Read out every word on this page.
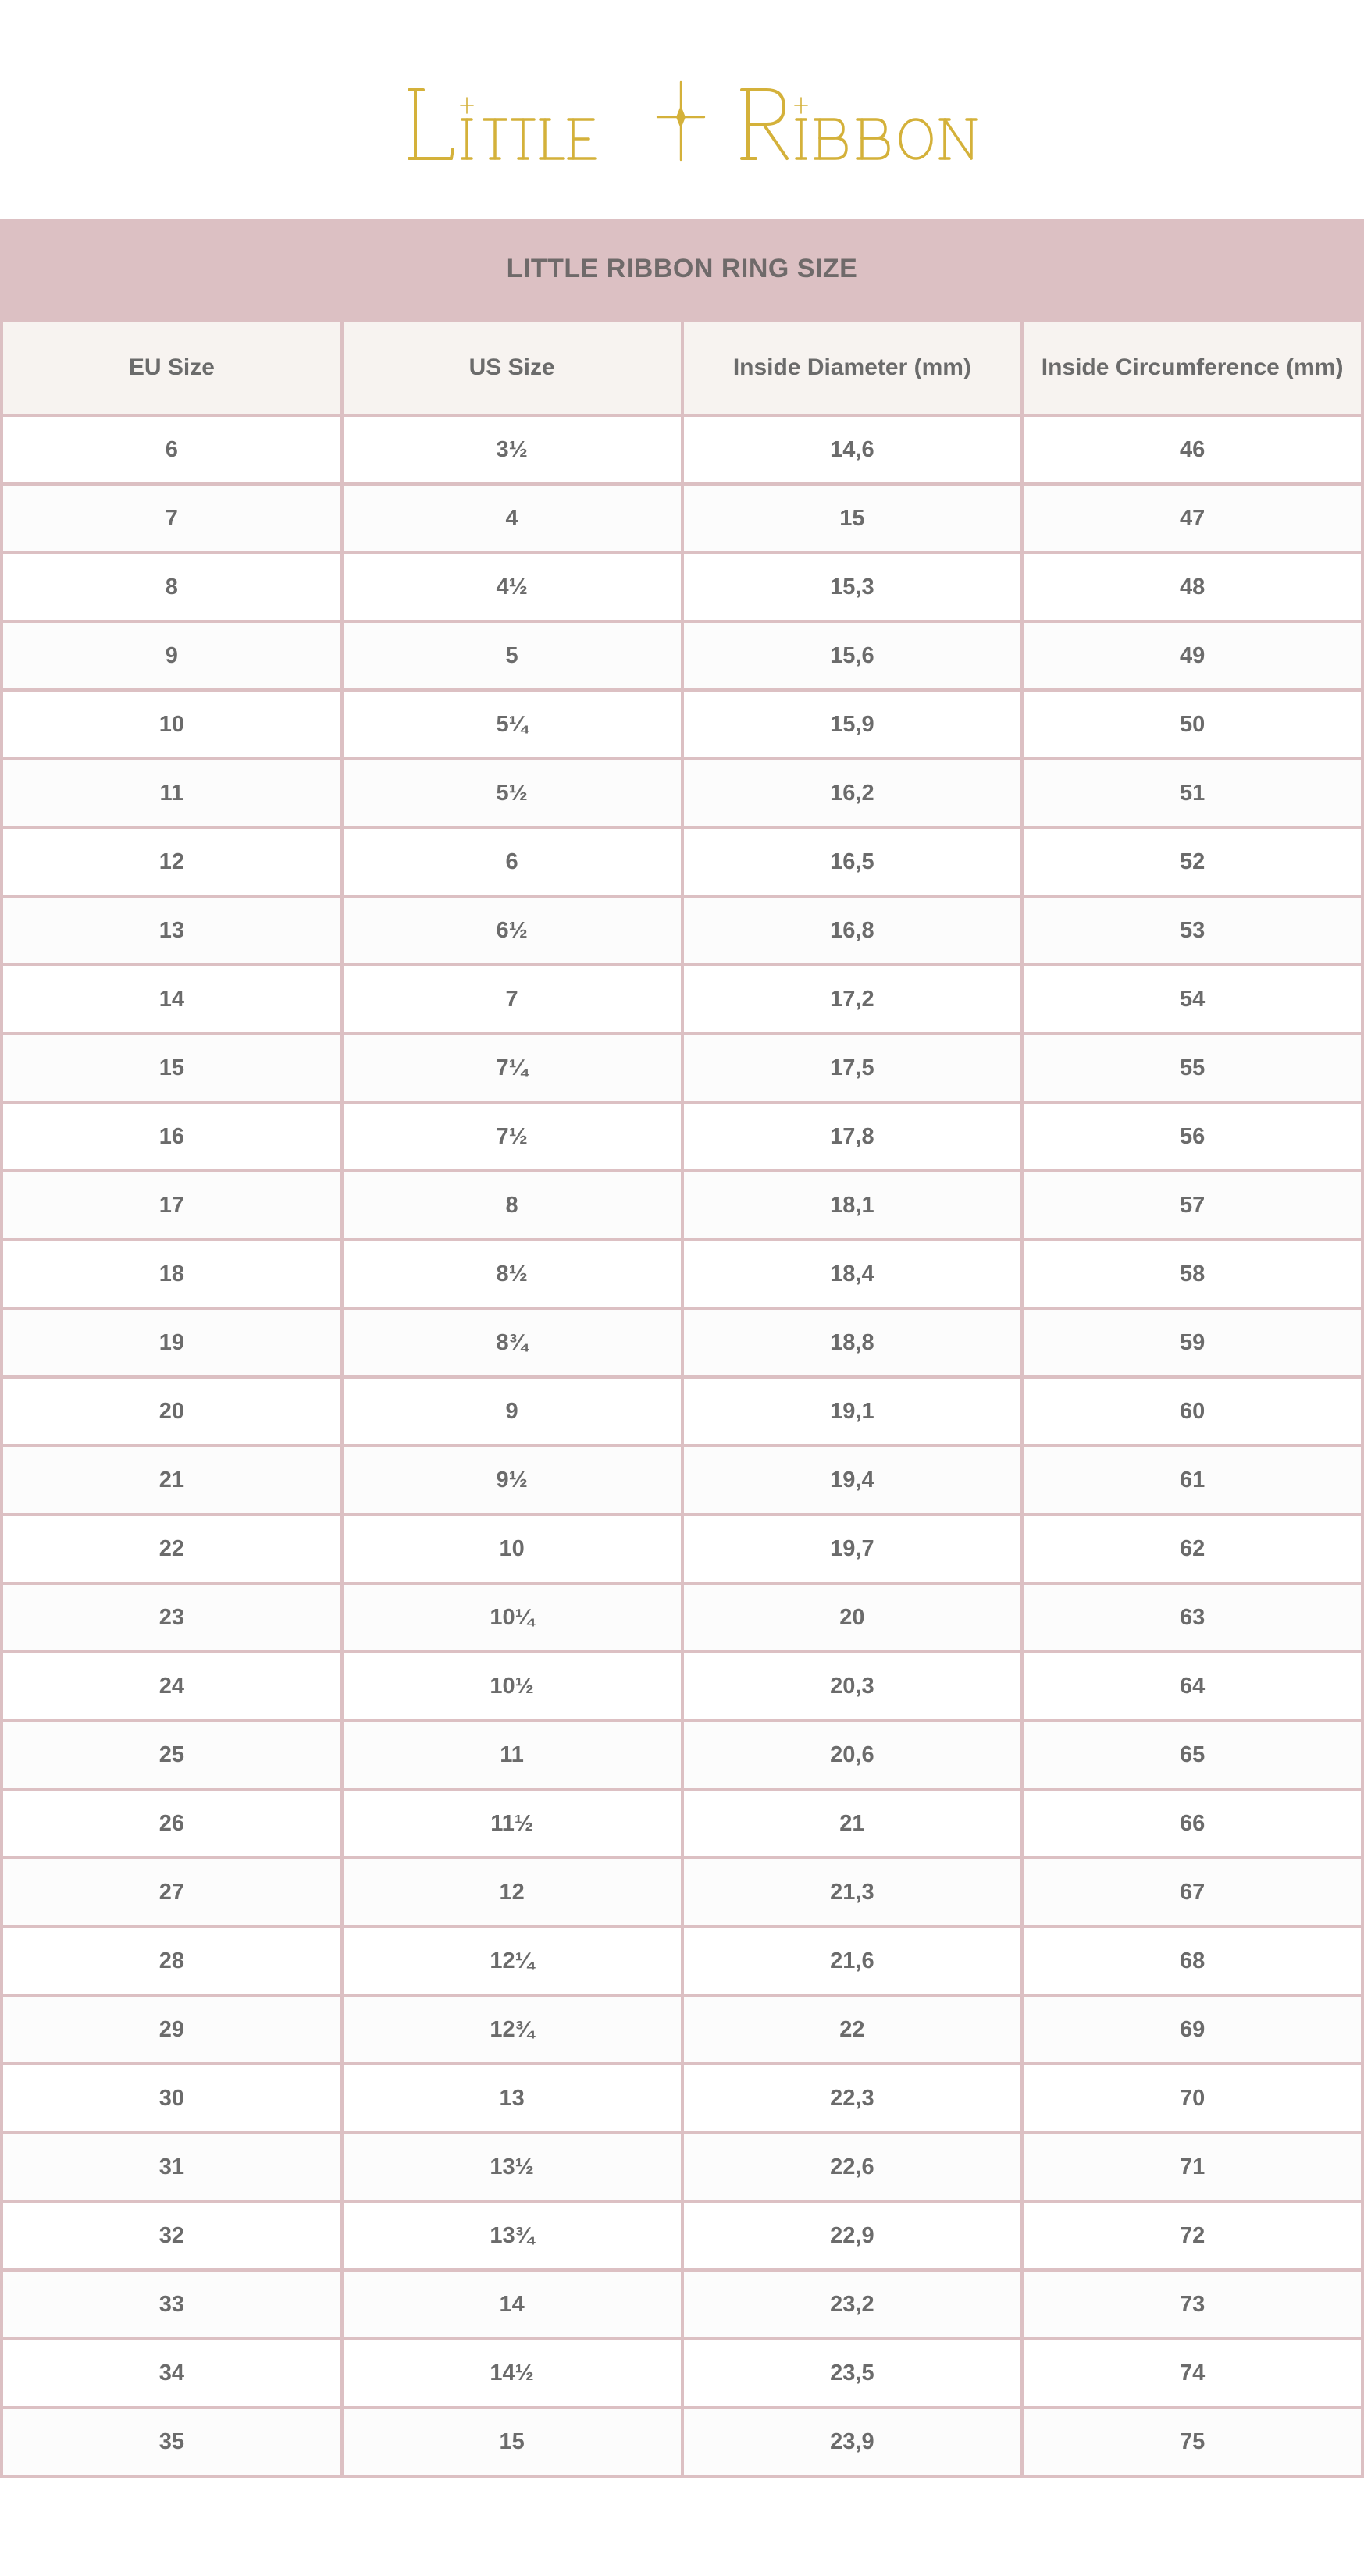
LITTLE RIBBON RING SIZE
EU Size	US Size	Inside Diameter (mm)	Inside Circumference (mm)
6	3½	14,6	46
7	4	15	47
8	4½	15,3	48
9	5	15,6	49
10	5¼	15,9	50
11	5½	16,2	51
12	6	16,5	52
13	6½	16,8	53
14	7	17,2	54
15	7¼	17,5	55
16	7½	17,8	56
17	8	18,1	57
18	8½	18,4	58
19	8¾	18,8	59
20	9	19,1	60
21	9½	19,4	61
22	10	19,7	62
23	10¼	20	63
24	10½	20,3	64
25	11	20,6	65
26	11½	21	66
27	12	21,3	67
28	12¼	21,6	68
29	12¾	22	69
30	13	22,3	70
31	13½	22,6	71
32	13¾	22,9	72
33	14	23,2	73
34	14½	23,5	74
35	15	23,9	75
